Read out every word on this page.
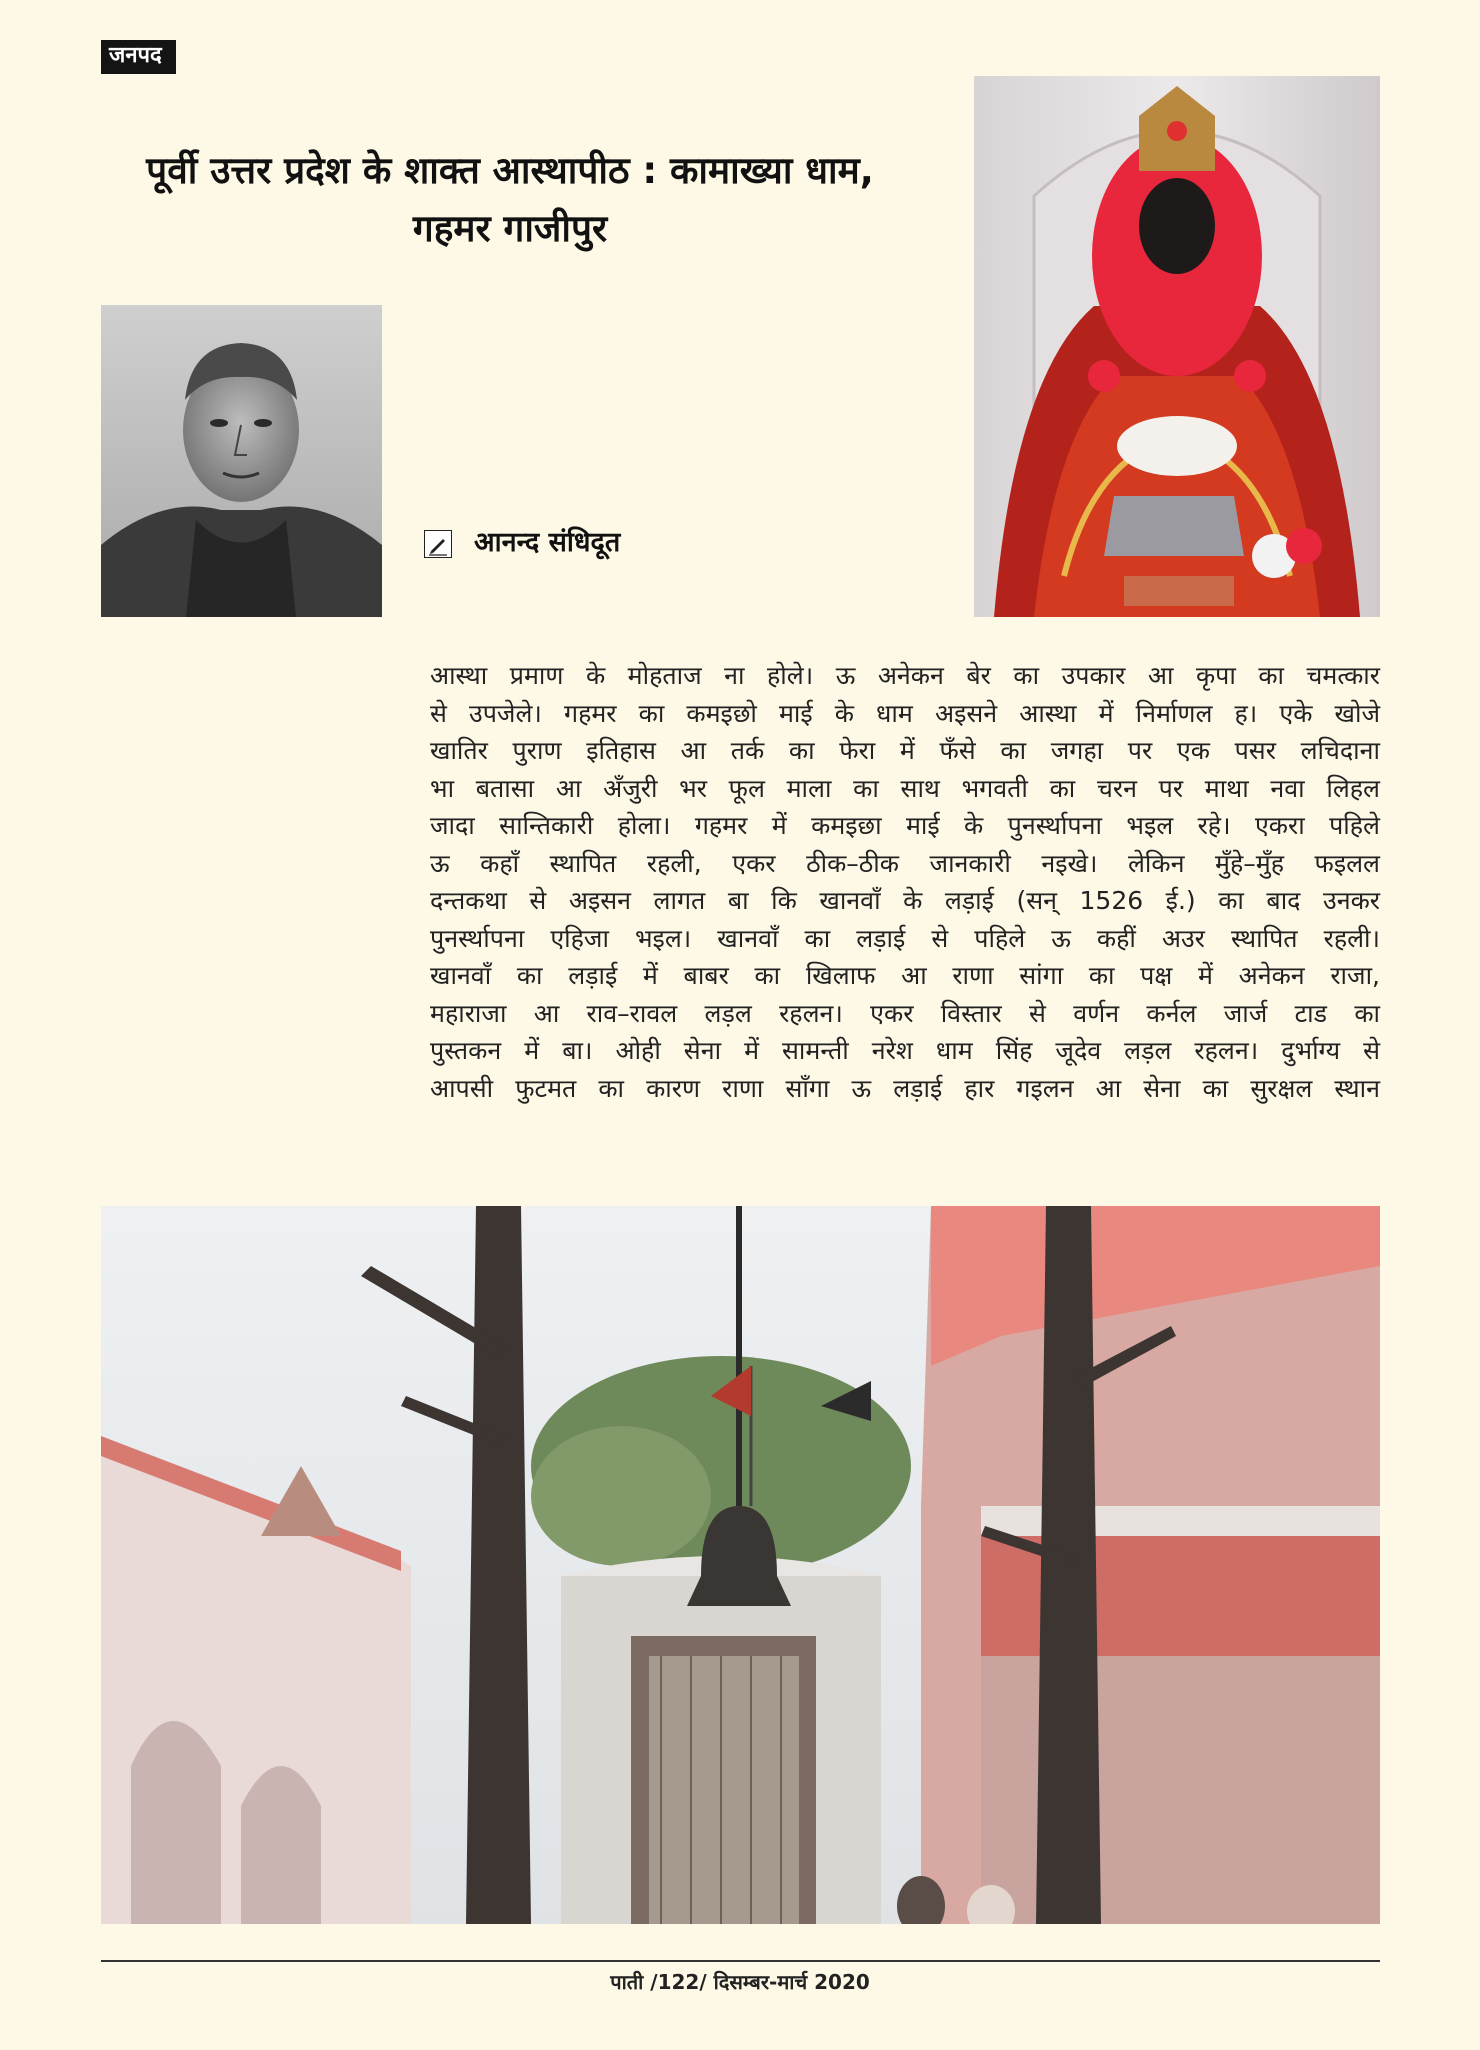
जनपद
पूर्वी उत्तर प्रदेश के शाक्त आस्थापीठ : कामाख्या धाम,
गहमर गाजीपुर
आनन्द संधिदूत
आस्था प्रमाण के मोहताज ना होले। ऊ अनेकन बेर का उपकार आ कृपा का चमत्कार
से उपजेले। गहमर का कमइछो माई के धाम अइसने आस्था में निर्माणल ह। एके खोजे
खातिर पुराण इतिहास आ तर्क का फेरा में फँसे का जगहा पर एक पसर लचिदाना
भा बतासा आ अँजुरी भर फूल माला का साथ भगवती का चरन पर माथा नवा लिहल
जादा सान्तिकारी होला। गहमर में कमइछा माई के पुनर्स्थापना भइल रहे। एकरा पहिले
ऊ कहाँ स्थापित रहली, एकर ठीक–ठीक जानकारी नइखे। लेकिन मुँहे–मुँह फइलल
दन्तकथा से अइसन लागत बा कि खानवाँ के लड़ाई (सन् 1526 ई.) का बाद उनकर
पुनर्स्थापना एहिजा भइल। खानवाँ का लड़ाई से पहिले ऊ कहीं अउर स्थापित रहली।
खानवाँ का लड़ाई में बाबर का खिलाफ आ राणा सांगा का पक्ष में अनेकन राजा,
महाराजा आ राव–रावल लड़ल रहलन। एकर विस्तार से वर्णन कर्नल जार्ज टाड का
पुस्तकन में बा। ओही सेना में सामन्ती नरेश धाम सिंह जूदेव लड़ल रहलन। दुर्भाग्य से
आपसी फुटमत का कारण राणा साँगा ऊ लड़ाई हार गइलन आ सेना का सुरक्षल स्थान
पाती /122/ दिसम्बर-मार्च 2020
